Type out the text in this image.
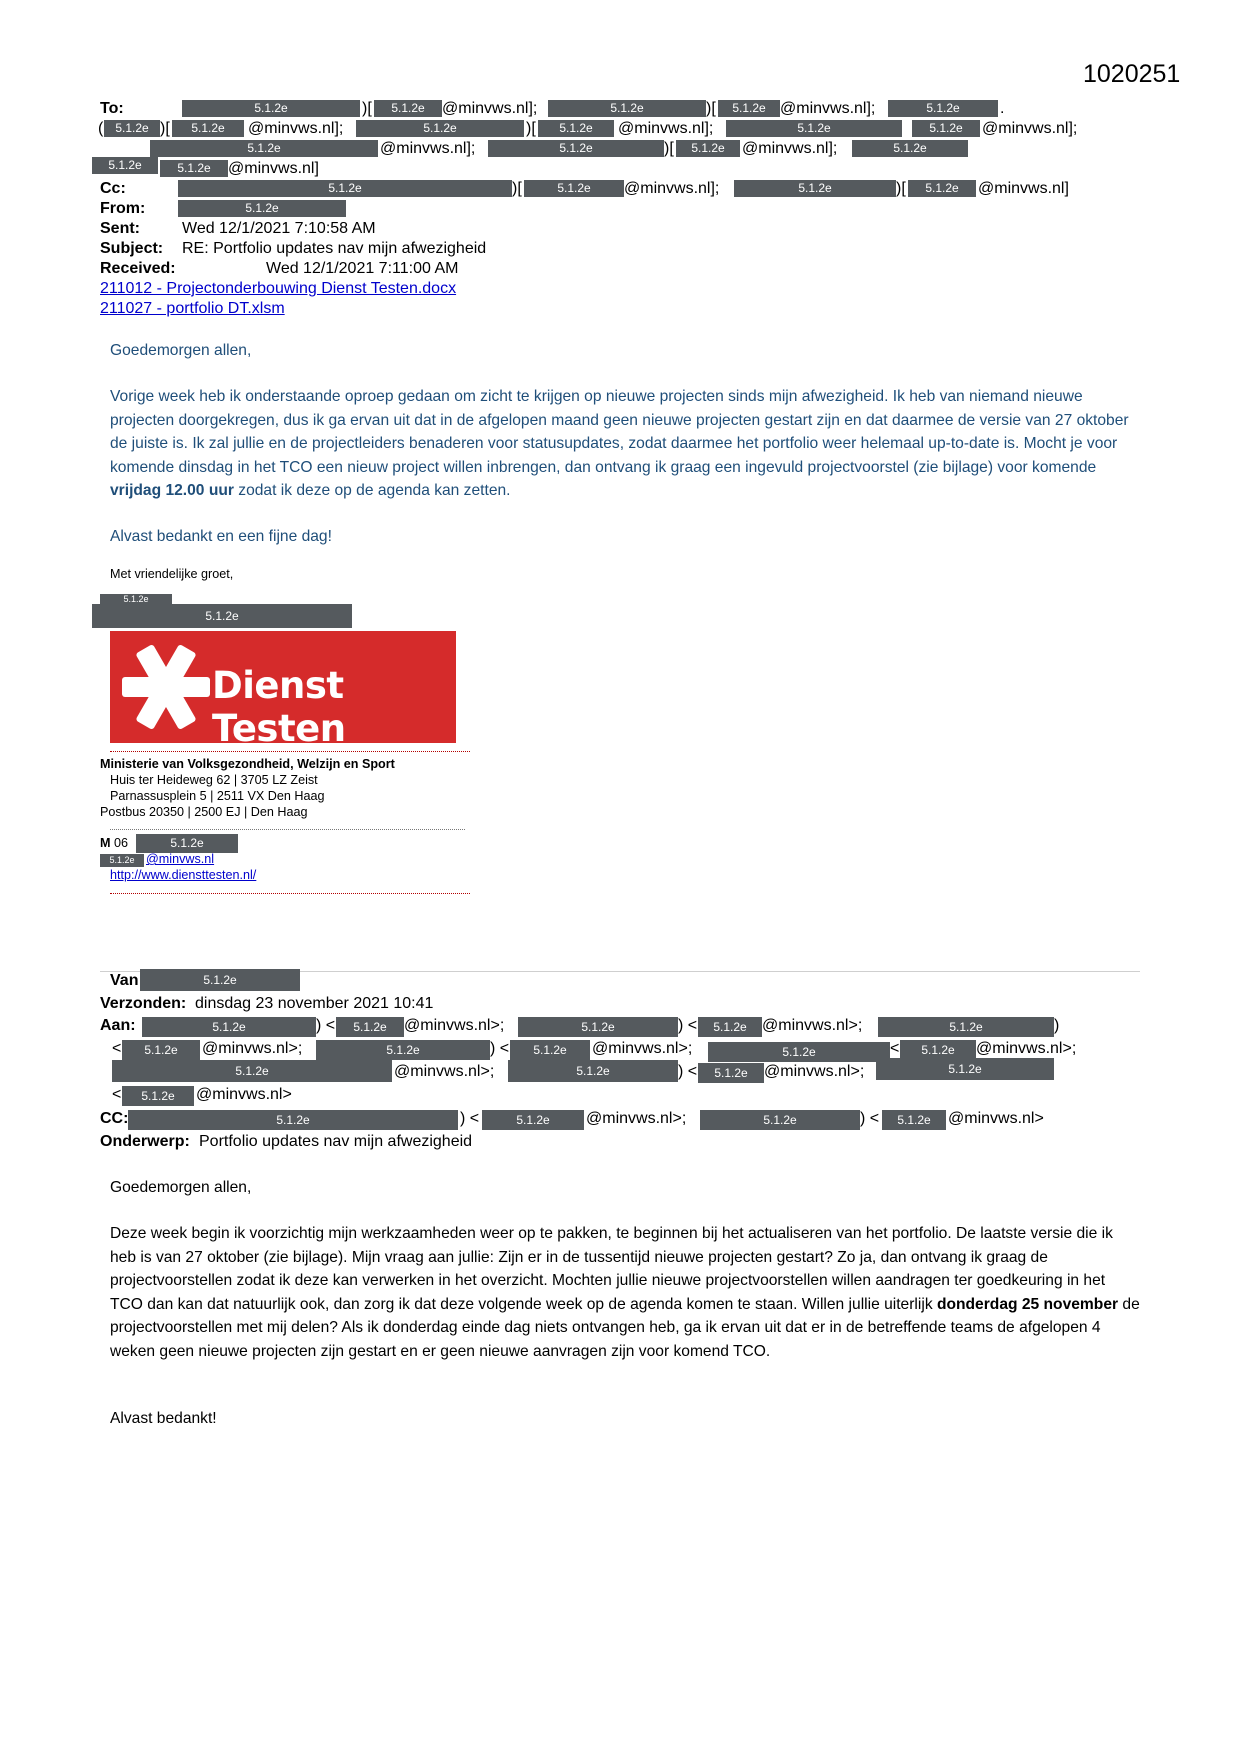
1020251
To:	5.1.2e	)[	5.1.2e	@minvws.nl];	5.1.2e	)[	5.1.2e @minvws.nl];	5.1.2e	.
( 5.1.2e )[	5.1.2e	@minvws.nl];	5.1.2e	)[	5.1.2e	@minvws.nl];	5.1.2e	5.1.2e	@minvws.nl];
5.1.2e	@minvws.nl];	5.1.2e	)[	5.1.2e	@minvws.nl];	5.1.2e
5.1.2e	5.1.2e	@minvws.nl]
Cc:	5.1.2e	)[	5.1.2e	@minvws.nl];	5.1.2e	)[	5.1.2e	@minvws.nl]
From:	5.1.2e
Sent:	Wed 12/1/2021 7:10:58 AM
Subject: RE: Portfolio updates nav mijn afwezigheid
Received:	Wed 12/1/2021 7:11:00 AM
211012 - Projectonderbouwing Dienst Testen.docx
211027 - portfolio DT.xlsm
Goedemorgen allen,
Vorige week heb ik onderstaande oproep gedaan om zicht te krijgen op nieuwe projecten sinds mijn afwezigheid. Ik heb van niemand nieuwe projecten doorgekregen, dus ik ga ervan uit dat in de afgelopen maand geen nieuwe projecten gestart zijn en dat daarmee de versie van 27 oktober de juiste is. Ik zal jullie en de projectleiders benaderen voor statusupdates, zodat daarmee het portfolio weer helemaal up-to-date is. Mocht je voor komende dinsdag in het TCO een nieuw project willen inbrengen, dan ontvang ik graag een ingevuld projectvoorstel (zie bijlage) voor komende vrijdag 12.00 uur zodat ik deze op de agenda kan zetten.
Alvast bedankt en een fijne dag!
Met vriendelijke groet,
5.1.2e
5.1.2e
Dienst Testen
Ministerie van Volksgezondheid, Welzijn en Sport
Huis ter Heideweg 62 | 3705 LZ Zeist
Parnassusplein 5 | 2511 VX Den Haag
Postbus 20350 | 2500 EJ | Den Haag
M 06	5.1.2e
5.1.2e @minvws.nl
http://www.diensttesten.nl/
Van	5.1.2e
Verzonden: dinsdag 23 november 2021 10:41
Aan:	5.1.2e	) <	5.1.2e	@minvws.nl>;	5.1.2e	) <	5.1.2e @minvws.nl>;	5.1.2e	)
<	5.1.2e	@minvws.nl>;	5.1.2e	) <	5.1.2e	@minvws.nl>;	5.1.2e	<	5.1.2e	@minvws.nl>;
5.1.2e	@minvws.nl>;	5.1.2e	) <	5.1.2e	@minvws.nl>;	5.1.2e
<	5.1.2e	@minvws.nl>
CC:	5.1.2e	) <	5.1.2e	@minvws.nl>;	5.1.2e	) <	5.1.2e	@minvws.nl>
Onderwerp: Portfolio updates nav mijn afwezigheid
Goedemorgen allen,
Deze week begin ik voorzichtig mijn werkzaamheden weer op te pakken, te beginnen bij het actualiseren van het portfolio. De laatste versie die ik heb is van 27 oktober (zie bijlage). Mijn vraag aan jullie: Zijn er in de tussentijd nieuwe projecten gestart? Zo ja, dan ontvang ik graag de projectvoorstellen zodat ik deze kan verwerken in het overzicht. Mochten jullie nieuwe projectvoorstellen willen aandragen ter goedkeuring in het TCO dan kan dat natuurlijk ook, dan zorg ik dat deze volgende week op de agenda komen te staan. Willen jullie uiterlijk donderdag 25 november de projectvoorstellen met mij delen? Als ik donderdag einde dag niets ontvangen heb, ga ik ervan uit dat er in de betreffende teams de afgelopen 4 weken geen nieuwe projecten zijn gestart en er geen nieuwe aanvragen zijn voor komend TCO.
Alvast bedankt!
